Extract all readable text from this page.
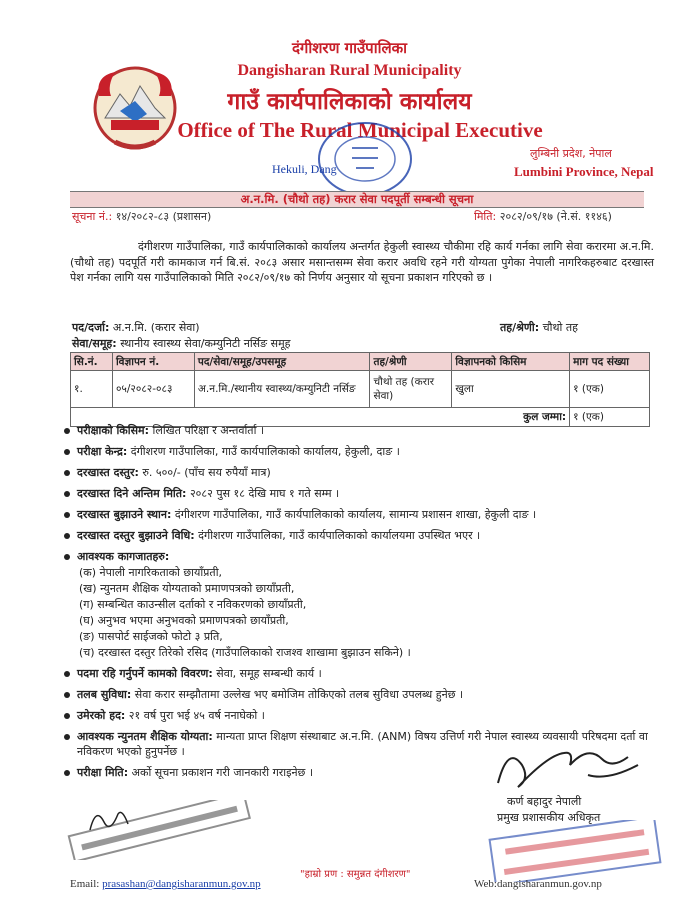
दंगीशरण गाउँपालिका
Dangisharan Rural Municipality
गाउँ कार्यपालिकाको कार्यालय
Office of The Rural Municipal Executive
Hekuli, Dang
लुम्बिनी प्रदेश, नेपाल
Lumbini Province, Nepal
अ.न.मि. (चौथो तह) करार सेवा पदपूर्ती सम्बन्धी सूचना
सूचना नं.: १४/२०८२-८३ (प्रशासन)	मिति: २०८२/०९/१७ (ने.सं. ११४६)
दंगीशरण गाउँपालिका, गाउँ कार्यपालिकाको कार्यालय अन्तर्गत हेकुली स्वास्थ्य चौकीमा रहि कार्य गर्नका लागि सेवा करारमा अ.न.मि. (चौथो तह) पदपूर्ति गरी कामकाज गर्न बि.सं. २०८३ असार मसान्तसम्म सेवा करार अवधि रहने गरी योग्यता पुगेका नेपाली नागरिकहरुबाट दरखास्त पेश गर्नका लागि यस गाउँपालिकाको मिति २०८२/०९/१७ को निर्णय अनुसार यो सूचना प्रकाशन गरिएको छ ।
पद/दर्जा: अ.न.मि. (करार सेवा)	तह/श्रेणी: चौथो तह
सेवा/समूह: स्थानीय स्वास्थ्य सेवा/कम्युनिटी नर्सिङ समूह
सि.नं.	विज्ञापन नं.	पद/सेवा/समूह/उपसमूह	तह/श्रेणी	विज्ञापनको किसिम	माग पद संख्या
१.	०५/२०८२-०८३	अ.न.मि./स्थानीय स्वास्थ्य/कम्युनिटी नर्सिङ	चौथो तह (करार सेवा)	खुला	१ (एक)
कुल जम्मा:					१ (एक)
परीक्षाको किसिम: लिखित परिक्षा र अन्तर्वार्ता ।
परीक्षा केन्द्र: दंगीशरण गाउँपालिका, गाउँ कार्यपालिकाको कार्यालय, हेकुली, दाङ ।
दरखास्त दस्तुर: रु. ५००/- (पाँच सय रुपैयाँ मात्र)
दरखास्त दिने अन्तिम मिति: २०८२ पुस १८ देखि माघ १ गते सम्म ।
दरखास्त बुझाउने स्थान: दंगीशरण गाउँपालिका, गाउँ कार्यपालिकाको कार्यालय, सामान्य प्रशासन शाखा, हेकुली दाङ ।
दरखास्त दस्तुर बुझाउने विधि: दंगीशरण गाउँपालिका, गाउँ कार्यपालिकाको कार्यालयमा उपस्थित भएर ।
आवश्यक कागजातहरु:
(क) नेपाली नागरिकताको छायाँप्रती,
(ख) न्युनतम शैक्षिक योग्यताको प्रमाणपत्रको छायाँप्रती,
(ग) सम्बन्धित काउन्सील दर्ताको र नविकरणको छायाँप्रती,
(घ) अनुभव भएमा अनुभवको प्रमाणपत्रको छायाँप्रती,
(ङ) पासपोर्ट साईजको फोटो ३ प्रति,
(च) दरखास्त दस्तुर तिरेको रसिद (गाउँपालिकाको राजश्व शाखामा बुझाउन सकिने) ।
पदमा रहि गर्नुपर्ने कामको विवरण: सेवा, समूह सम्बन्धी कार्य ।
तलब सुविधा: सेवा करार सम्झौतामा उल्लेख भए बमोजिम तोकिएको तलब सुविधा उपलब्ध हुनेछ ।
उमेरको हद: २१ वर्ष पुरा भई ४५ वर्ष ननाघेको ।
आवश्यक न्युनतम शैक्षिक योग्यता: मान्यता प्राप्त शिक्षण संस्थाबाट अ.न.मि. (ANM) विषय उत्तिर्ण गरी नेपाल स्वास्थ्य व्यवसायी परिषदमा दर्ता वा नविकरण भएको हुनुपर्नेछ ।
परीक्षा मिति: अर्को सूचना प्रकाशन गरी जानकारी गराइनेछ ।
कर्ण बहादुर नेपाली
प्रमुख प्रशासकीय अधिकृत
"हाम्रो प्रण : समुन्नत दंगीशरण"
Email: prasashan@dangisharanmun.gov.np	Web:dangisharanmun.gov.np
